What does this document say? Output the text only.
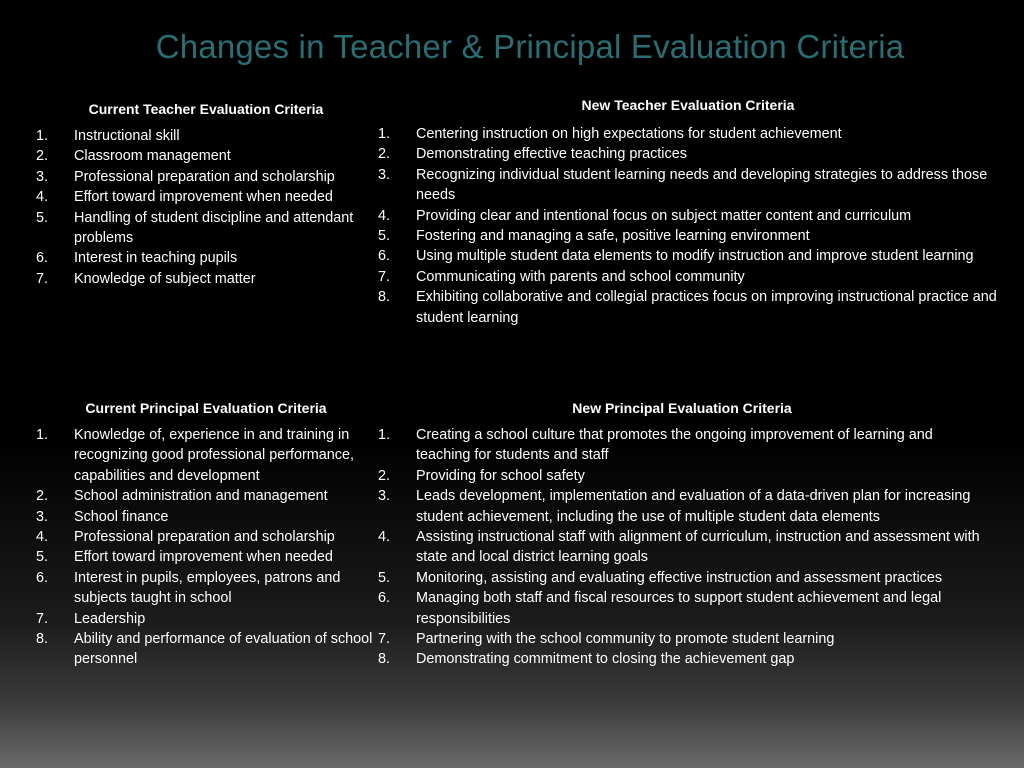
Changes in Teacher & Principal Evaluation Criteria
Current Teacher Evaluation Criteria
1. Instructional skill
2. Classroom management
3. Professional preparation and scholarship
4. Effort toward improvement when needed
5. Handling of student discipline and attendant problems
6. Interest in teaching pupils
7. Knowledge of subject matter
New Teacher Evaluation Criteria
1. Centering instruction on high expectations for student achievement
2. Demonstrating effective teaching practices
3. Recognizing individual student learning needs and developing strategies to address those needs
4. Providing clear and intentional focus on subject matter content and curriculum
5. Fostering and managing a safe, positive learning environment
6. Using multiple student data elements to modify instruction and improve student learning
7. Communicating with parents and school community
8. Exhibiting collaborative and collegial practices focus on improving instructional practice and student learning
Current Principal Evaluation Criteria
1. Knowledge of, experience in and training in recognizing good professional performance, capabilities and development
2. School administration and management
3. School finance
4. Professional preparation and scholarship
5. Effort toward improvement when needed
6. Interest in pupils, employees, patrons and subjects taught in school
7. Leadership
8. Ability and performance of evaluation of school personnel
New Principal Evaluation Criteria
1. Creating a school culture that promotes the ongoing improvement of learning and teaching for students and staff
2. Providing for school safety
3. Leads development, implementation and evaluation of a data-driven plan for increasing student achievement, including the use of multiple student data elements
4. Assisting instructional staff with alignment of curriculum, instruction and assessment with state and local district learning goals
5. Monitoring, assisting and evaluating effective instruction and assessment practices
6. Managing both staff and fiscal resources to support student achievement and legal responsibilities
7. Partnering with the school community to promote student learning
8. Demonstrating commitment to closing the achievement gap
